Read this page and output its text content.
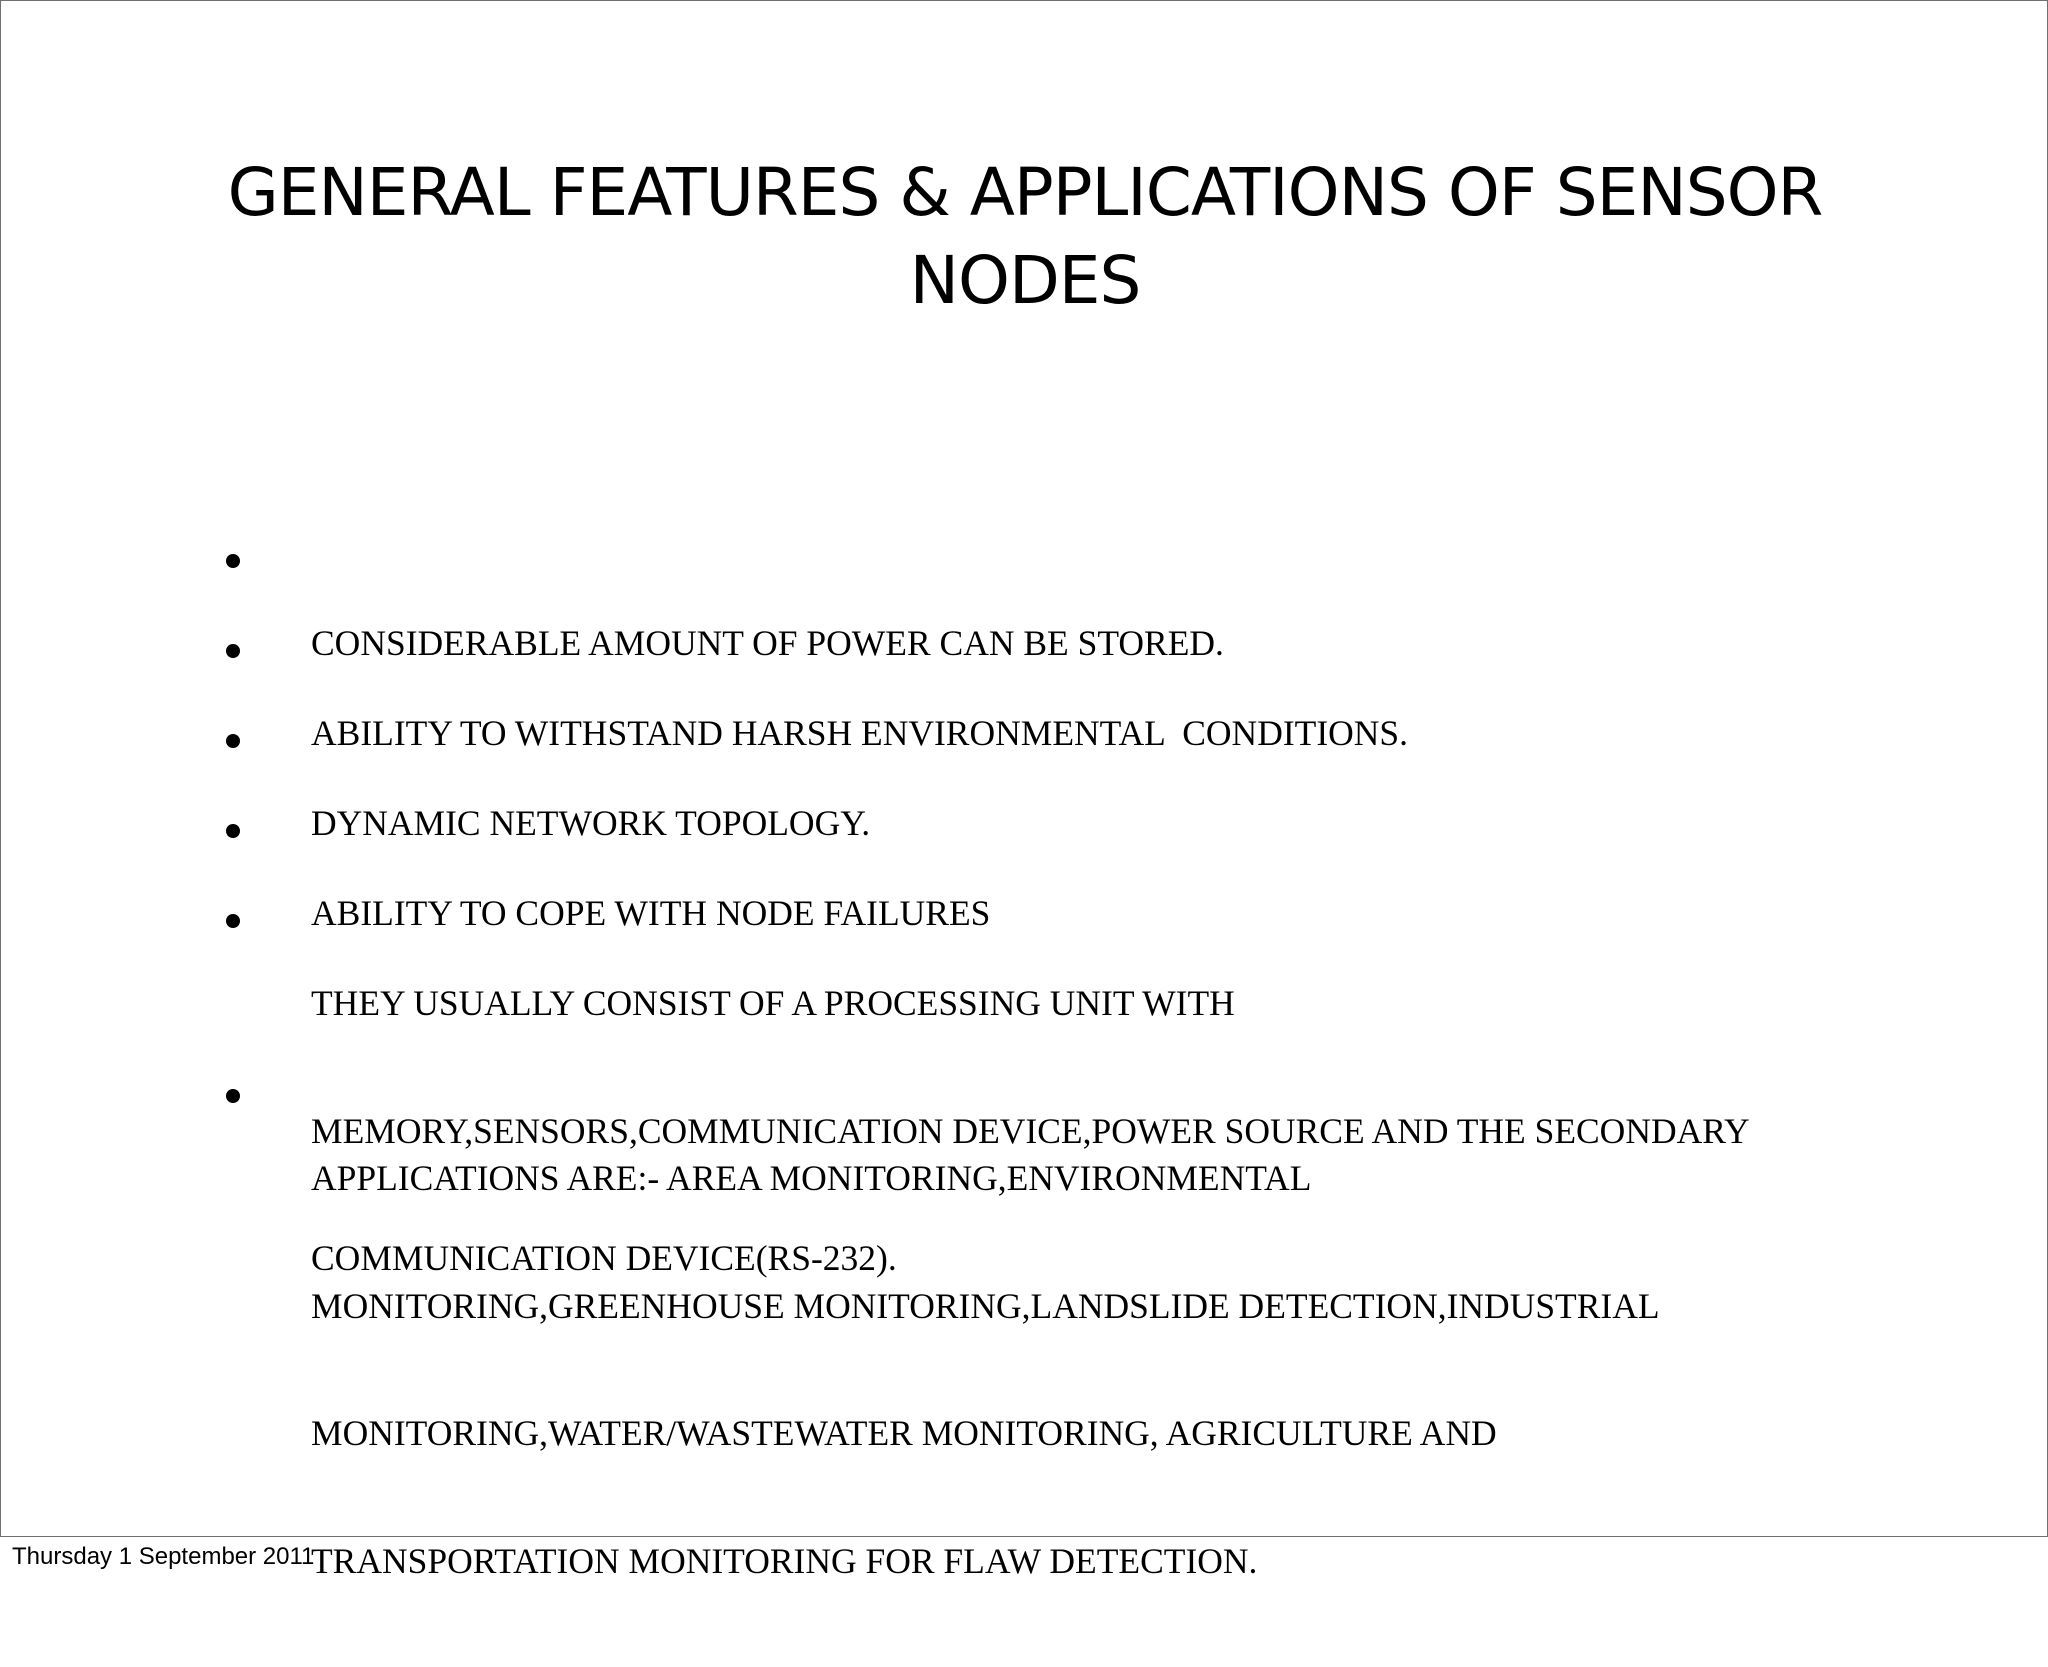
GENERAL FEATURES & APPLICATIONS OF SENSOR
NODES

CONSIDERABLE AMOUNT OF POWER CAN BE STORED.

ABILITY TO WITHSTAND HARSH ENVIRONMENTAL  CONDITIONS.

DYNAMIC NETWORK TOPOLOGY.

ABILITY TO COPE WITH NODE FAILURES

THEY USUALLY CONSIST OF A PROCESSING UNIT WITH

MEMORY,SENSORS,COMMUNICATION DEVICE,POWER SOURCE AND THE SECONDARY

COMMUNICATION DEVICE(RS-232).

APPLICATIONS ARE:- AREA MONITORING,ENVIRONMENTAL

MONITORING,GREENHOUSE MONITORING,LANDSLIDE DETECTION,INDUSTRIAL

MONITORING,WATER/WASTEWATER MONITORING, AGRICULTURE AND

TRANSPORTATION MONITORING FOR FLAW DETECTION.

Thursday 1 September 2011
